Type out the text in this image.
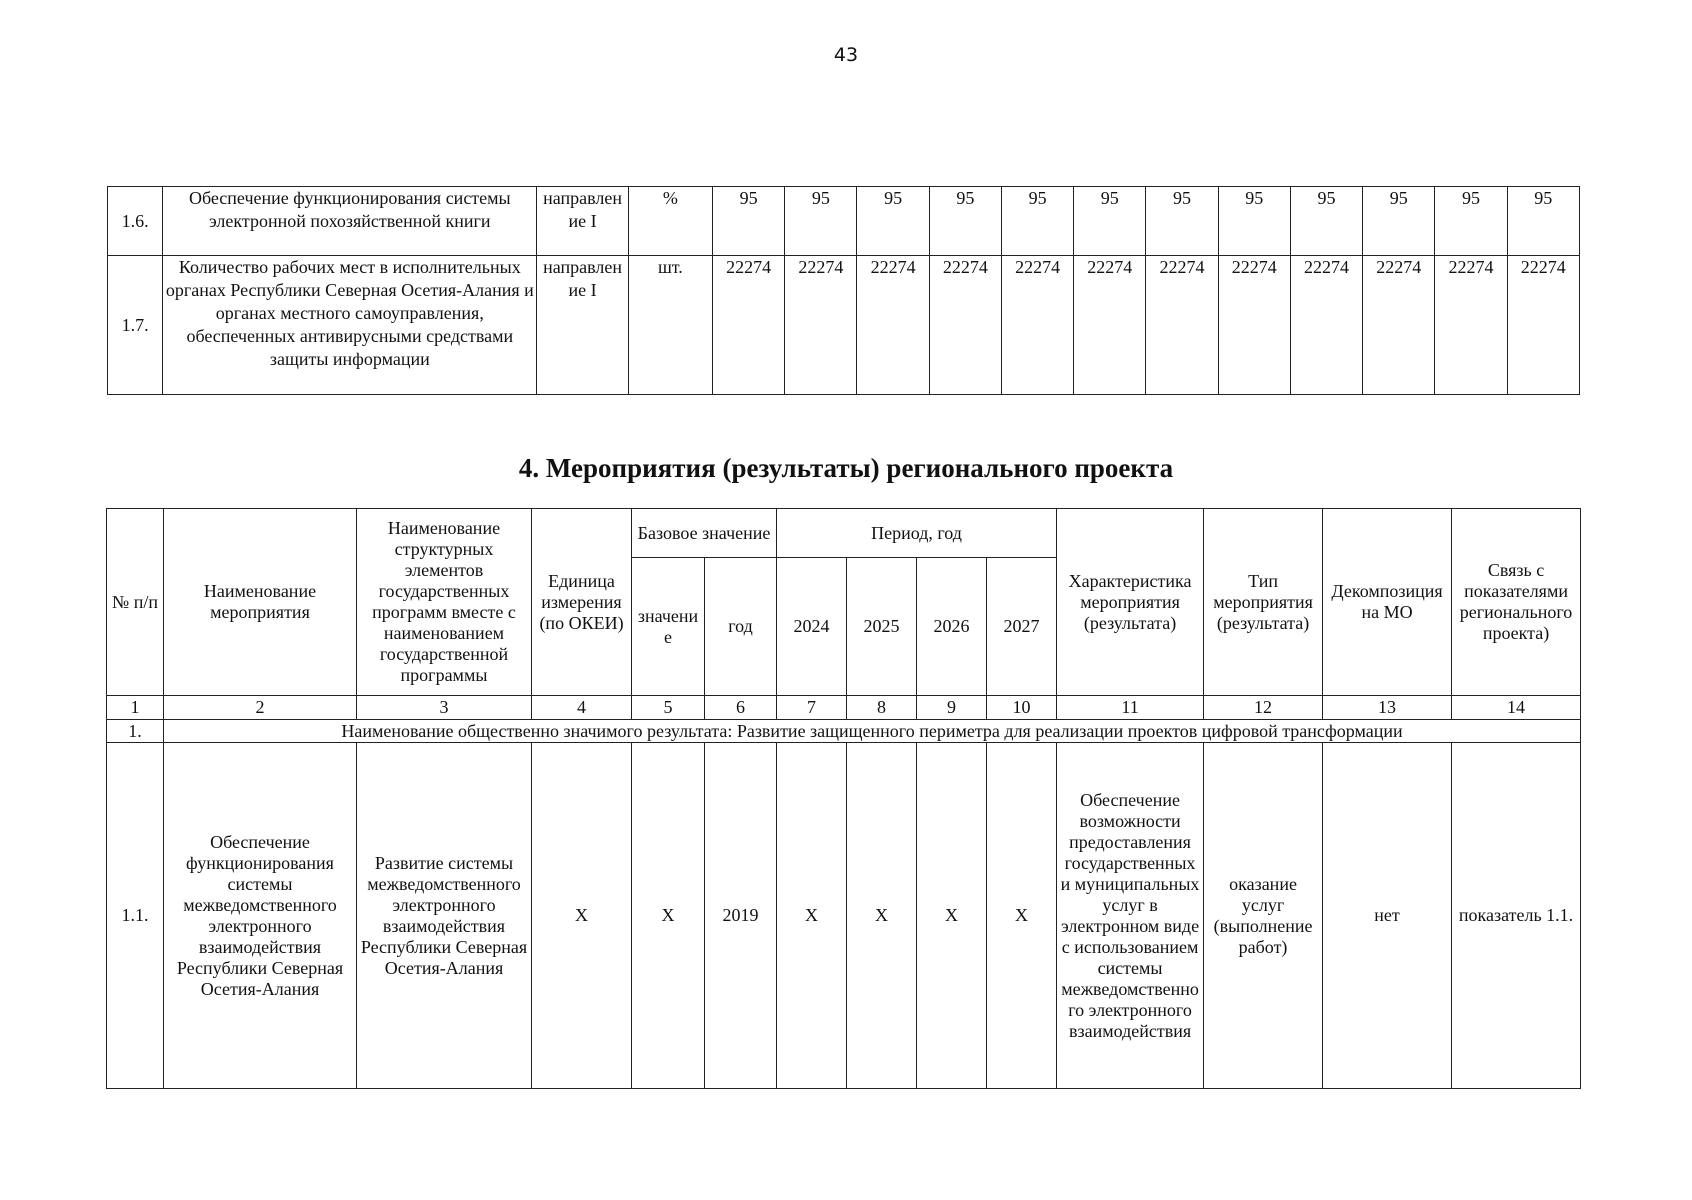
43
1.6.	Обеспечение функционирования системы электронной похозяйственной книги	направление I	%	95	95	95	95	95	95	95	95	95	95	95	95
1.7.	Количество рабочих мест в исполнительных органах Республики Северная Осетия-Алания и органах местного самоуправления, обеспеченных антивирусными средствами защиты информации	направление I	шт.	22274	22274	22274	22274	22274	22274	22274	22274	22274	22274	22274	22274
4. Мероприятия (результаты) регионального проекта
№ п/п	Наименование мероприятия	Наименование структурных элементов государственных программ вместе с наименованием государственной программы	Единица измерения (по ОКЕИ)	Базовое значение		Период, год				Характеристика мероприятия (результата)	Тип мероприятия (результата)	Декомпозиция на МО	Связь с показателями регионального проекта)
				значение	год	2024	2025	2026	2027				
1	2	3	4	5	6	7	8	9	10	11	12	13	14
1.	Наименование общественно значимого результата: Развитие защищенного периметра для реализации проектов цифровой трансформации												
1.1.	Обеспечение функционирования системы межведомственного электронного взаимодействия Республики Северная Осетия-Алания	Развитие системы межведомственного электронного взаимодействия Республики Северная Осетия-Алания	Х	Х	2019	Х	Х	Х	Х	Обеспечение возможности предоставления государственных и муниципальных услуг в электронном виде с использованием системы межведомственного электронного взаимодействия	оказание услуг (выполнение работ)	нет	показатель 1.1.
